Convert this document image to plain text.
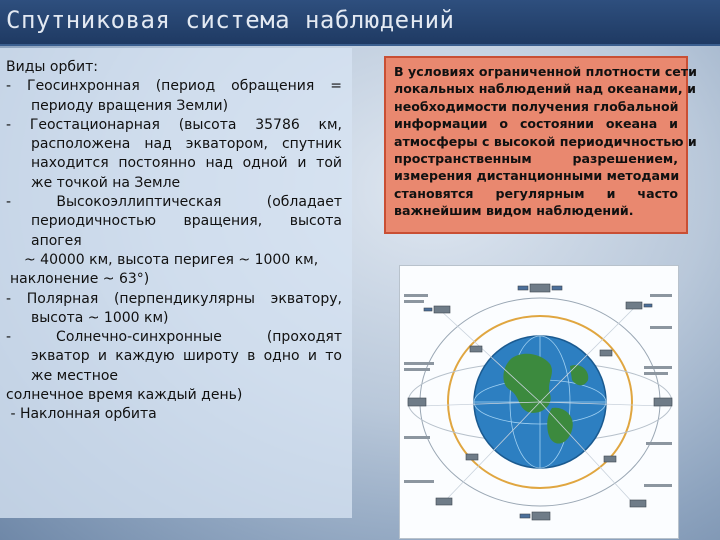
Спутниковая система наблюдений
Виды орбит:
- Геосинхронная (период обращения =
периоду вращения Земли)
- Геостационарная (высота 35786 км,
расположена над экватором, спутник
находится постоянно над одной и той
же точкой на Земле
- Высокоэллиптическая (обладает
периодичностью вращения, высота
апогея
~ 40000 км, высота перигея ~ 1000 км,
наклонение ~ 63°)
- Полярная (перпендикулярны экватору,
высота ~ 1000 км)
- Солнечно-синхронные (проходят
экватор и каждую широту в одно и то
же местное
солнечное время каждый день)
- Наклонная орбита
В условиях ограниченной плотности сети
локальных наблюдений над океанами, и
необходимости получения глобальной
информации о состоянии океана и
атмосферы с высокой периодичностью и
пространственным разрешением,
измерения дистанционными методами
становятся регулярным и часто
важнейшим видом наблюдений.
